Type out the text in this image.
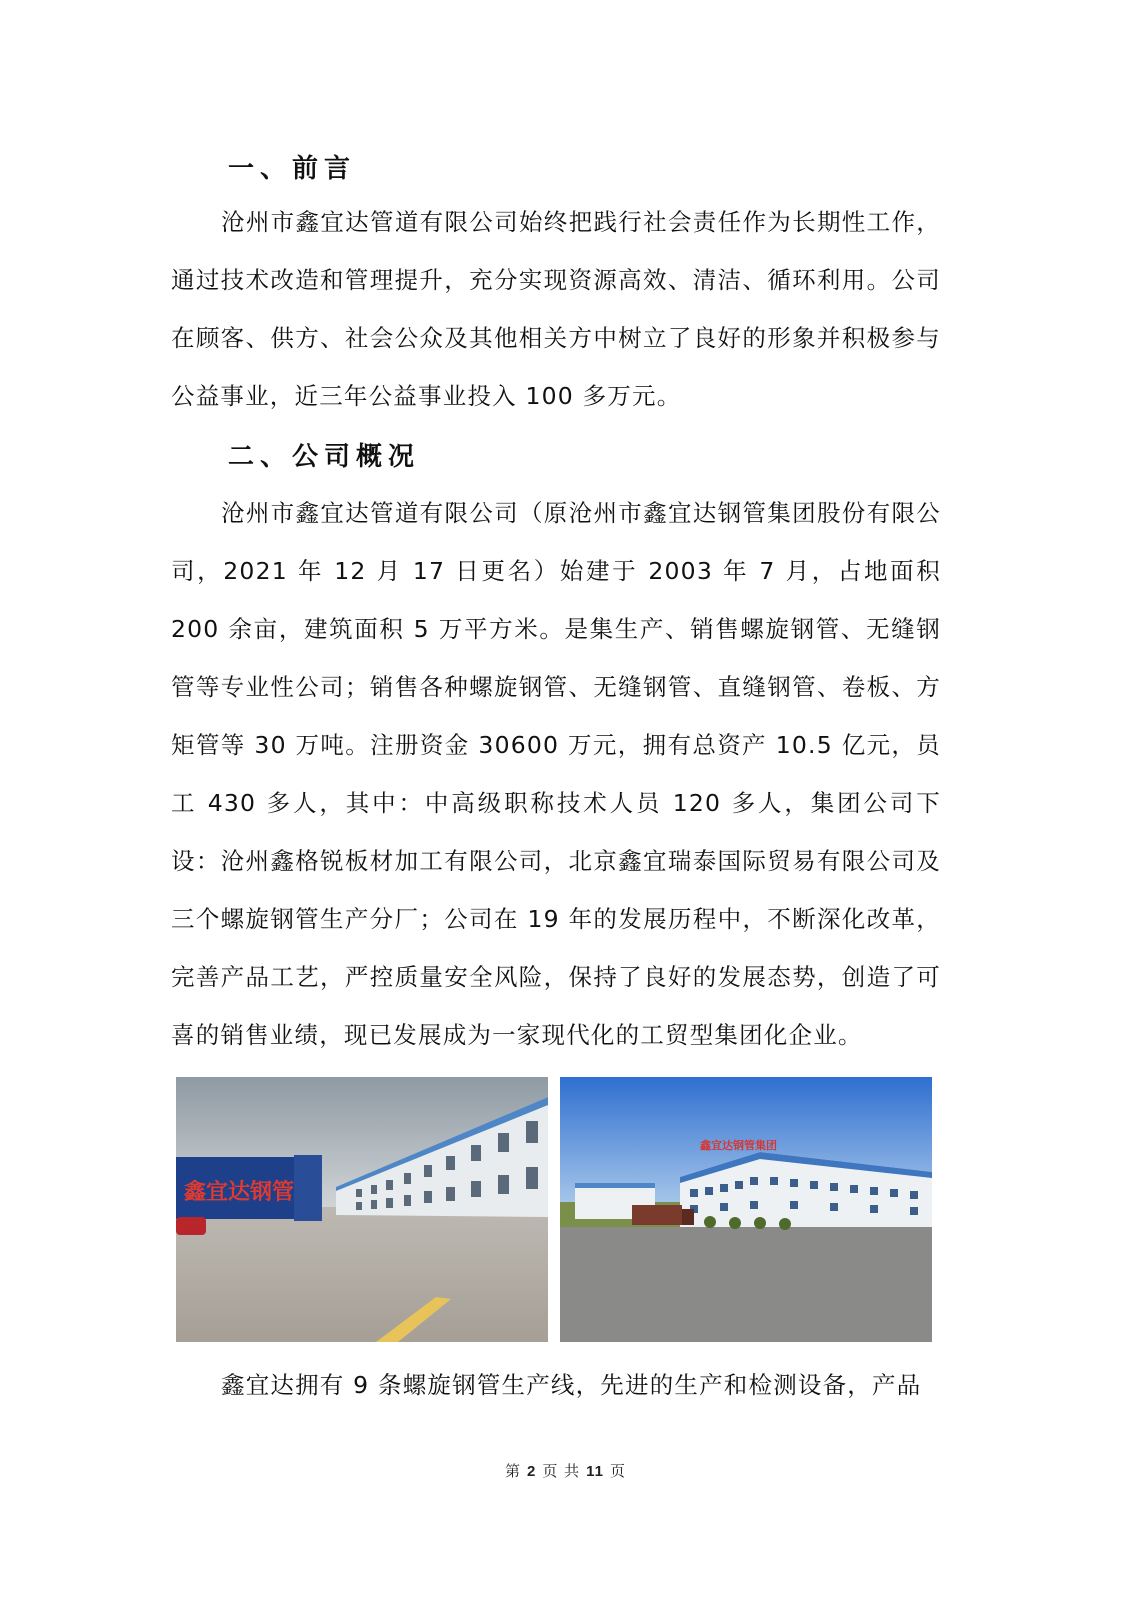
一、前言

沧州市鑫宜达管道有限公司始终把践行社会责任作为长期性工作，通过技术改造和管理提升，充分实现资源高效、清洁、循环利用。公司在顾客、供方、社会公众及其他相关方中树立了良好的形象并积极参与公益事业，近三年公益事业投入 100 多万元。

二、公司概况

沧州市鑫宜达管道有限公司（原沧州市鑫宜达钢管集团股份有限公司，2021 年 12 月 17 日更名）始建于 2003 年 7 月，占地面积 200 余亩，建筑面积 5 万平方米。是集生产、销售螺旋钢管、无缝钢管等专业性公司；销售各种螺旋钢管、无缝钢管、直缝钢管、卷板、方矩管等 30 万吨。注册资金 30600 万元，拥有总资产 10.5 亿元，员工 430 多人，其中：中高级职称技术人员 120 多人，集团公司下设：沧州鑫格锐板材加工有限公司，北京鑫宜瑞泰国际贸易有限公司及三个螺旋钢管生产分厂；公司在 19 年的发展历程中，不断深化改革，完善产品工艺，严控质量安全风险，保持了良好的发展态势，创造了可喜的销售业绩，现已发展成为一家现代化的工贸型集团化企业。

鑫宜达钢管
鑫宜达钢管集团

鑫宜达拥有 9 条螺旋钢管生产线，先进的生产和检测设备，产品

第 2 页 共 11 页
